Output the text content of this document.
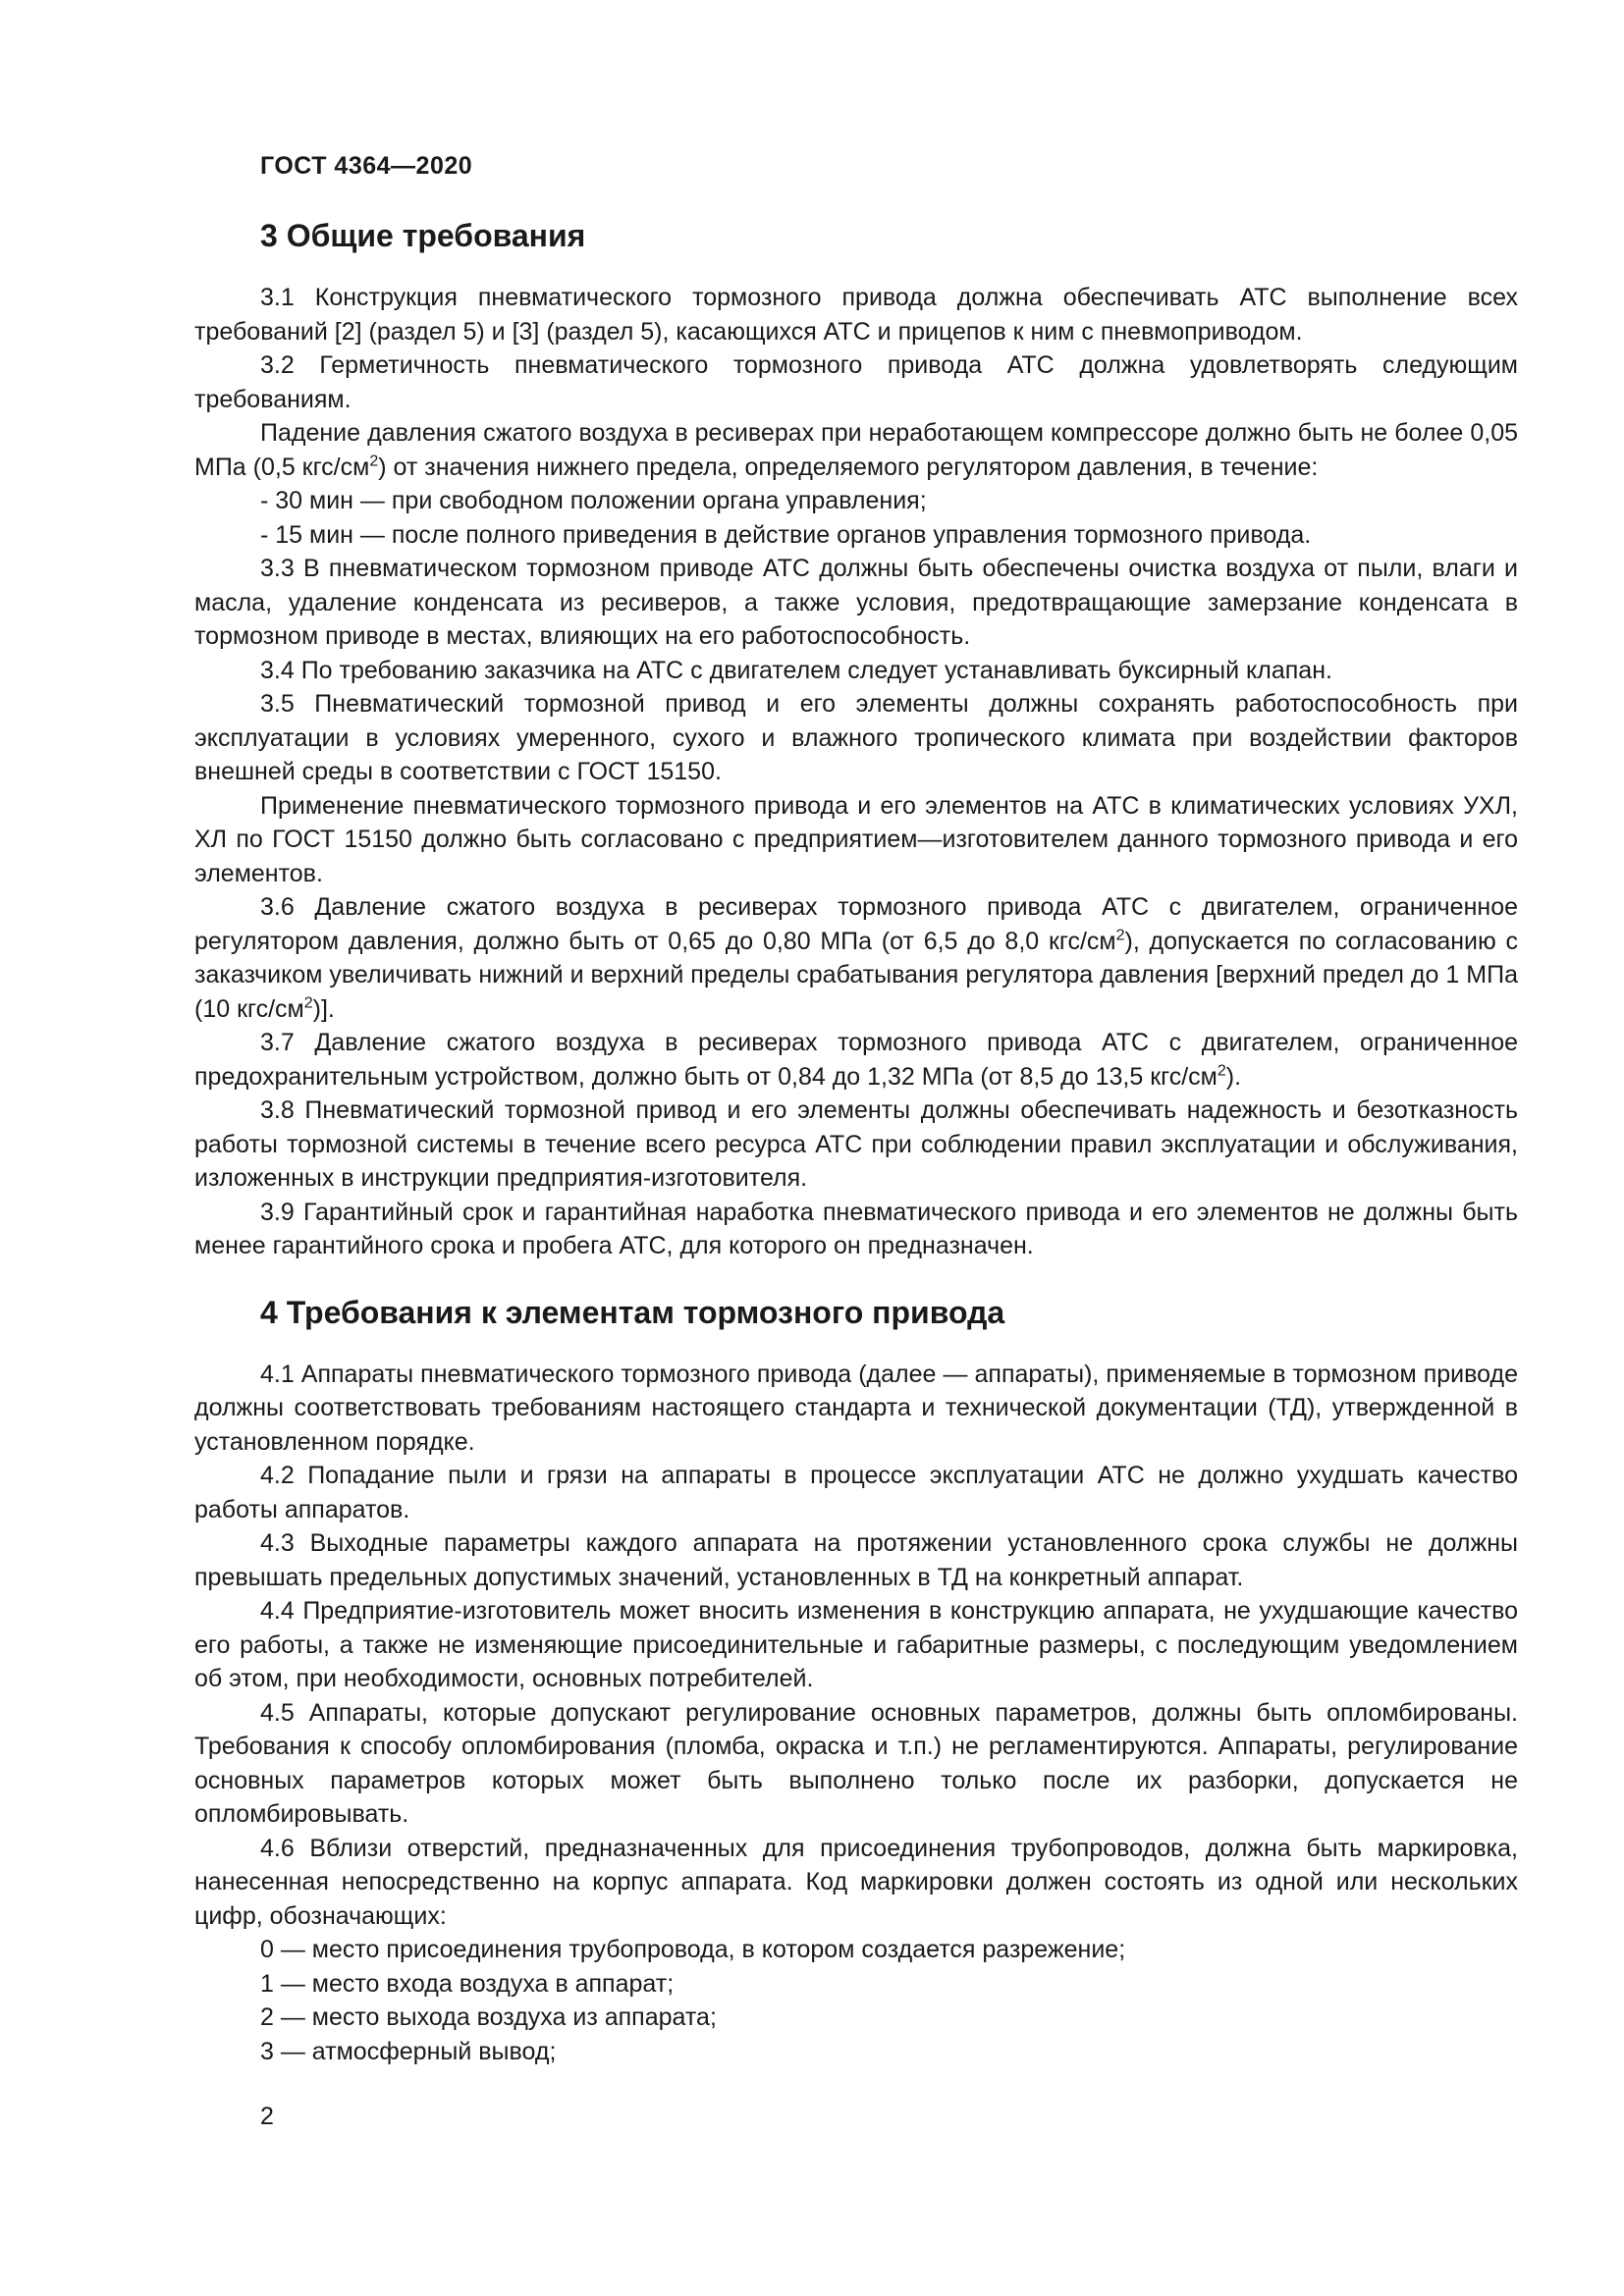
ГОСТ 4364—2020

3 Общие требования

3.1 Конструкция пневматического тормозного привода должна обеспечивать АТС выполнение всех требований [2] (раздел 5) и [3] (раздел 5), касающихся АТС и прицепов к ним с пневмоприводом.

3.2 Герметичность пневматического тормозного привода АТС должна удовлетворять следующим требованиям.

Падение давления сжатого воздуха в ресиверах при неработающем компрессоре должно быть не более 0,05 МПа (0,5 кгс/$см^2$) от значения нижнего предела, определяемого регулятором давления, в течение:

- 30 мин — при свободном положении органа управления;

- 15 мин — после полного приведения в действие органов управления тормозного привода.

3.3 В пневматическом тормозном приводе АТС должны быть обеспечены очистка воздуха от пыли, влаги и масла, удаление конденсата из ресиверов, а также условия, предотвращающие замерзание конденсата в тормозном приводе в местах, влияющих на его работоспособность.

3.4 По требованию заказчика на АТС с двигателем следует устанавливать буксирный клапан.

3.5 Пневматический тормозной привод и его элементы должны сохранять работоспособность при эксплуатации в условиях умеренного, сухого и влажного тропического климата при воздействии факторов внешней среды в соответствии с ГОСТ 15150.

Применение пневматического тормозного привода и его элементов на АТС в климатических условиях УХЛ, ХЛ по ГОСТ 15150 должно быть согласовано с предприятием—изготовителем данного тормозного привода и его элементов.

3.6 Давление сжатого воздуха в ресиверах тормозного привода АТС с двигателем, ограниченное регулятором давления, должно быть от 0,65 до 0,80 МПа (от 6,5 до 8,0 кгс/$см^2$), допускается по согласованию с заказчиком увеличивать нижний и верхний пределы срабатывания регулятора давления [верхний предел до 1 МПа (10 кгс/$см^2$)].

3.7 Давление сжатого воздуха в ресиверах тормозного привода АТС с двигателем, ограниченное предохранительным устройством, должно быть от 0,84 до 1,32 МПа (от 8,5 до 13,5 кгс/$см^2$).

3.8 Пневматический тормозной привод и его элементы должны обеспечивать надежность и безотказность работы тормозной системы в течение всего ресурса АТС при соблюдении правил эксплуатации и обслуживания, изложенных в инструкции предприятия-изготовителя.

3.9 Гарантийный срок и гарантийная наработка пневматического привода и его элементов не должны быть менее гарантийного срока и пробега АТС, для которого он предназначен.

4 Требования к элементам тормозного привода

4.1 Аппараты пневматического тормозного привода (далее — аппараты), применяемые в тормозном приводе должны соответствовать требованиям настоящего стандарта и технической документации (ТД), утвержденной в установленном порядке.

4.2 Попадание пыли и грязи на аппараты в процессе эксплуатации АТС не должно ухудшать качество работы аппаратов.

4.3 Выходные параметры каждого аппарата на протяжении установленного срока службы не должны превышать предельных допустимых значений, установленных в ТД на конкретный аппарат.

4.4 Предприятие-изготовитель может вносить изменения в конструкцию аппарата, не ухудшающие качество его работы, а также не изменяющие присоединительные и габаритные размеры, с последующим уведомлением об этом, при необходимости, основных потребителей.

4.5 Аппараты, которые допускают регулирование основных параметров, должны быть опломбированы. Требования к способу опломбирования (пломба, окраска и т.п.) не регламентируются. Аппараты, регулирование основных параметров которых может быть выполнено только после их разборки, допускается не опломбировывать.

4.6 Вблизи отверстий, предназначенных для присоединения трубопроводов, должна быть маркировка, нанесенная непосредственно на корпус аппарата. Код маркировки должен состоять из одной или нескольких цифр, обозначающих:

0 — место присоединения трубопровода, в котором создается разрежение;

1 — место входа воздуха в аппарат;

2 — место выхода воздуха из аппарата;

3 — атмосферный вывод;

2
